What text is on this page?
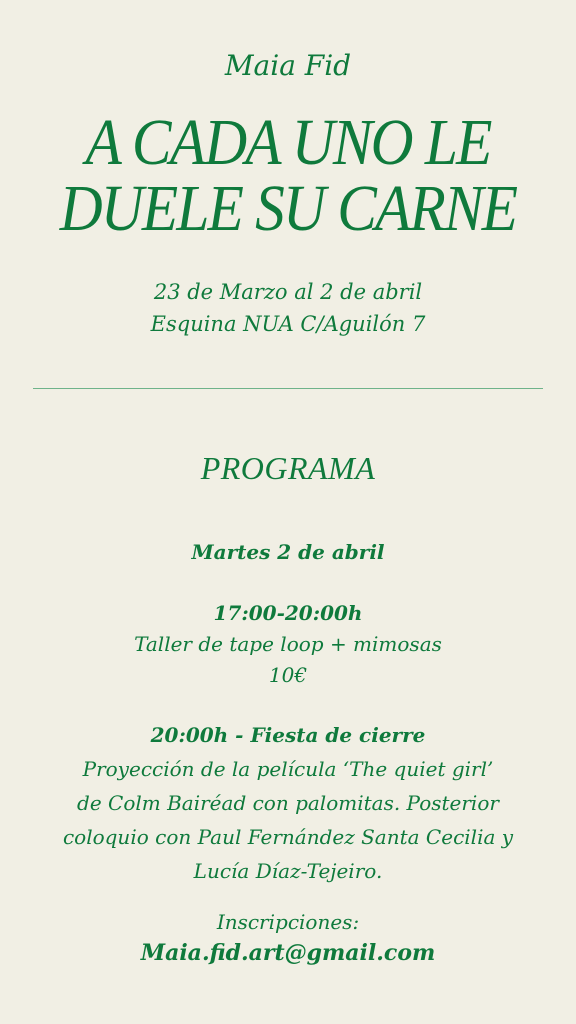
Maia Fid
A CADA UNO LE
DUELE SU CARNE
23 de Marzo al 2 de abril
Esquina NUA C/Aguilón 7
PROGRAMA
Martes 2 de abril
17:00-20:00h
Taller de tape loop + mimosas
10€
20:00h - Fiesta de cierre
Proyección de la película ‘The quiet girl’
de Colm Bairéad con palomitas. Posterior
coloquio con Paul Fernández Santa Cecilia y
Lucía Díaz-Tejeiro.
Inscripciones:
Maia.fid.art@gmail.com
